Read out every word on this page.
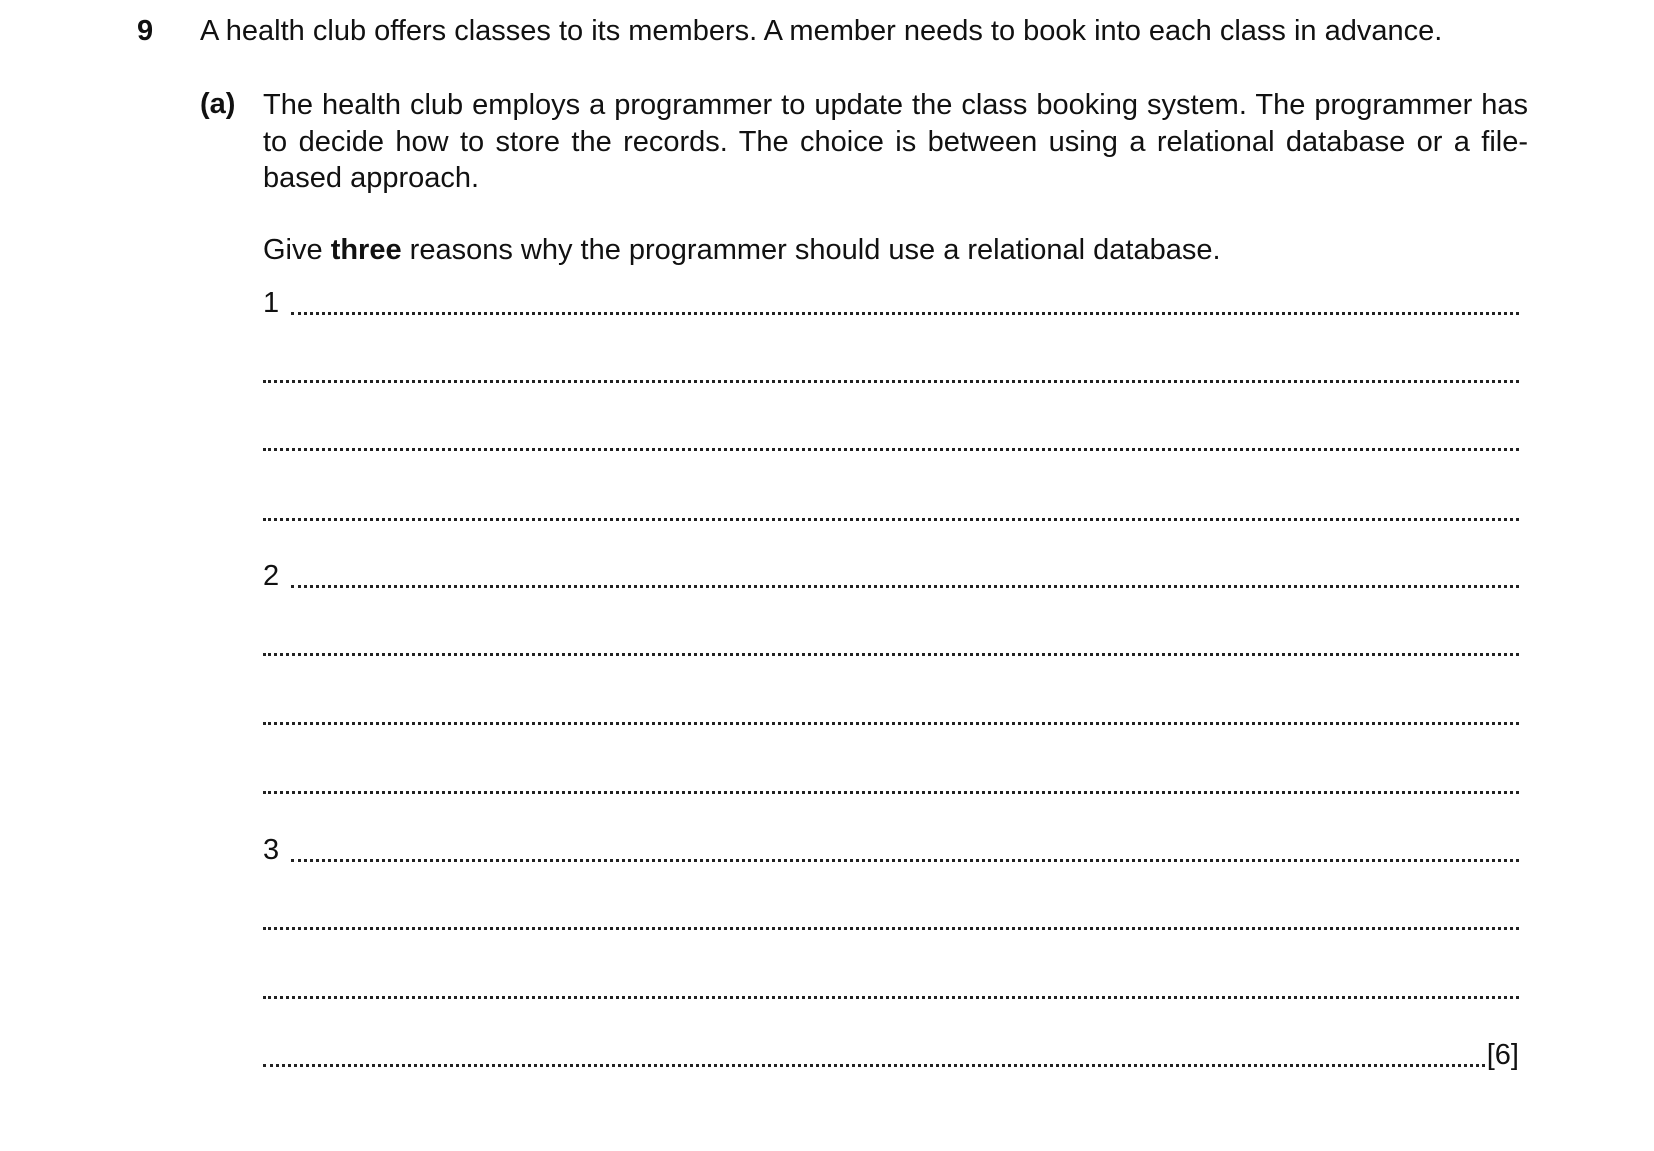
9 A health club offers classes to its members. A member needs to book into each class in advance.
(a) The health club employs a programmer to update the class booking system. The programmer has to decide how to store the records. The choice is between using a relational database or a file-based approach.
Give three reasons why the programmer should use a relational database.
1
2
3
[6]
